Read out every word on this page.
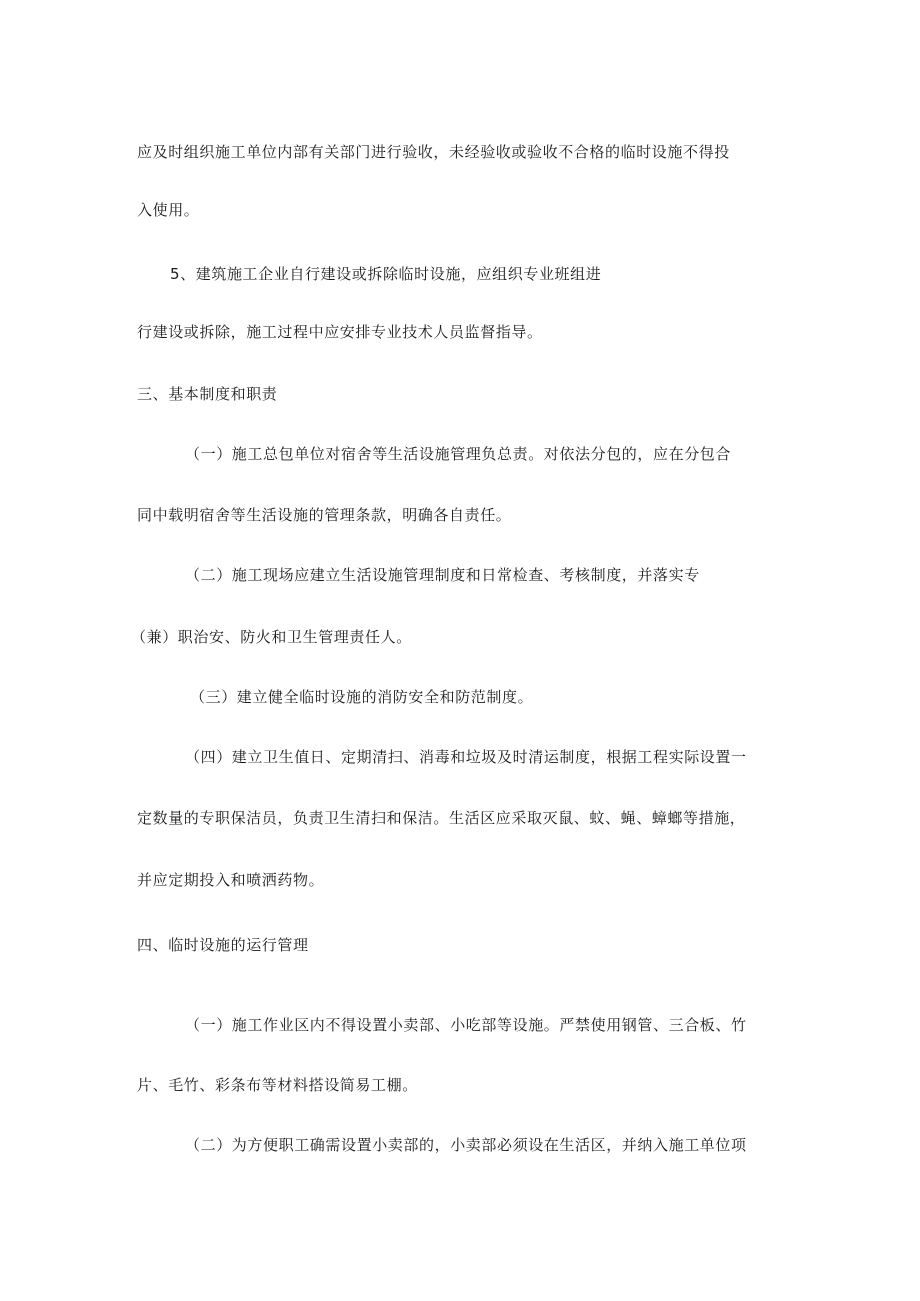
应及时组织施工单位内部有关部门进行验收，未经验收或验收不合格的临时设施不得投
入使用。
5、建筑施工企业自行建设或拆除临时设施，应组织专业班组进
行建设或拆除，施工过程中应安排专业技术人员监督指导。
三、基本制度和职责
（一）施工总包单位对宿舍等生活设施管理负总责。对依法分包的，应在分包合
同中载明宿舍等生活设施的管理条款，明确各自责任。
（二）施工现场应建立生活设施管理制度和日常检查、考核制度，并落实专
（兼）职治安、防火和卫生管理责任人。
（三）建立健全临时设施的消防安全和防范制度。
（四）建立卫生值日、定期清扫、消毒和垃圾及时清运制度，根据工程实际设置一
定数量的专职保洁员，负责卫生清扫和保洁。生活区应采取灭鼠、蚊、蝇、蟑螂等措施，
并应定期投入和喷洒药物。
四、临时设施的运行管理
（一）施工作业区内不得设置小卖部、小吃部等设施。严禁使用钢管、三合板、竹
片、毛竹、彩条布等材料搭设简易工棚。
（二）为方便职工确需设置小卖部的，小卖部必须设在生活区，并纳入施工单位项
